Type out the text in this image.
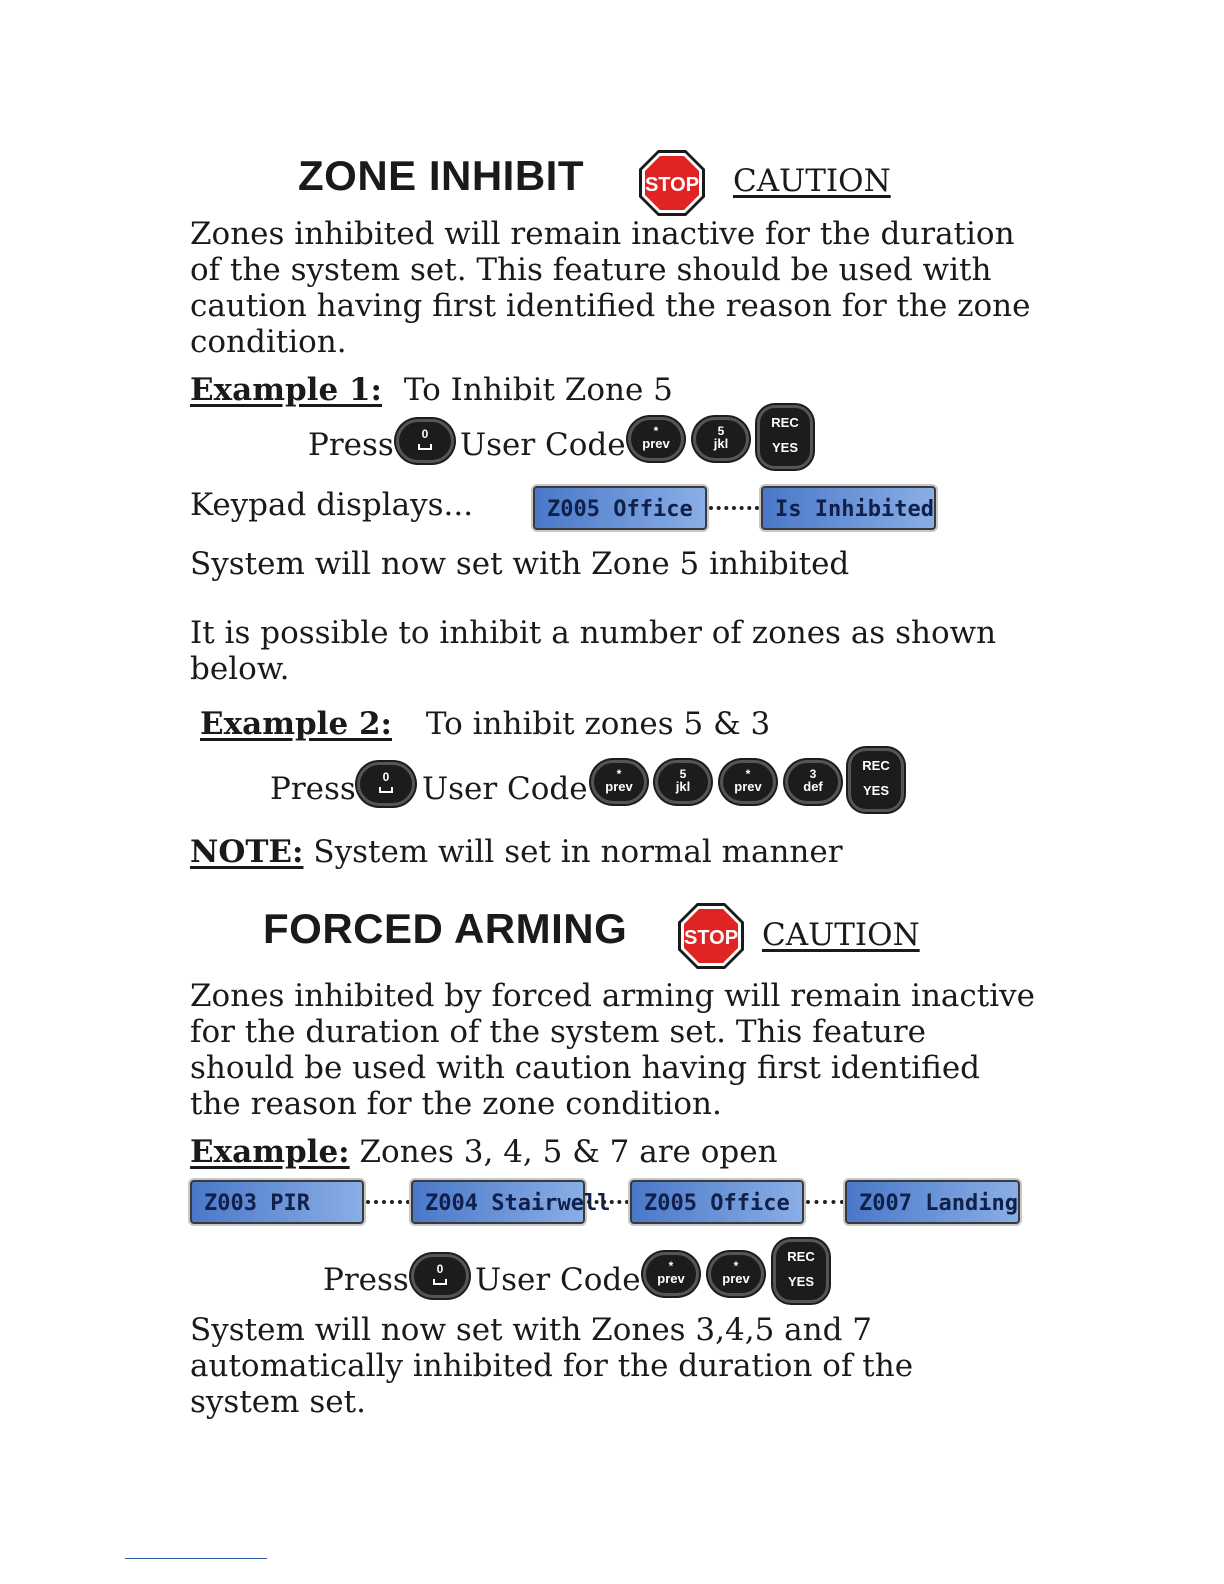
ZONE INHIBIT	STOP CAUTION
Zones inhibited will remain inactive for the duration
of the system set. This feature should be used with
caution having first identified the reason for the zone
condition.
Example 1: To Inhibit Zone 5
Press	0	User Code	*
prev
5
jkl
REC
YES
Keypad displays...	Z005 Office	Is Inhibited
System will now set with Zone 5 inhibited
It is possible to inhibit a number of zones as shown
below.
Example 2: To inhibit zones 5 & 3
Press	0	User Code	*
prev
5
jkl
*
prev
3
def
REC
YES
NOTE: System will set in normal manner
FORCED ARMING	STOP CAUTION
Zones inhibited by forced arming will remain inactive
for the duration of the system set. This feature
should be used with caution having first identified
the reason for the zone condition.
Example: Zones 3, 4, 5 & 7 are open
Z003 PIR	Z004 Stairwell	Z005 Office	Z007 Landing
Press	0	User Code	*
prev
*
prev
REC
YES
System will now set with Zones 3,4,5 and 7
automatically inhibited for the duration of the
system set.
